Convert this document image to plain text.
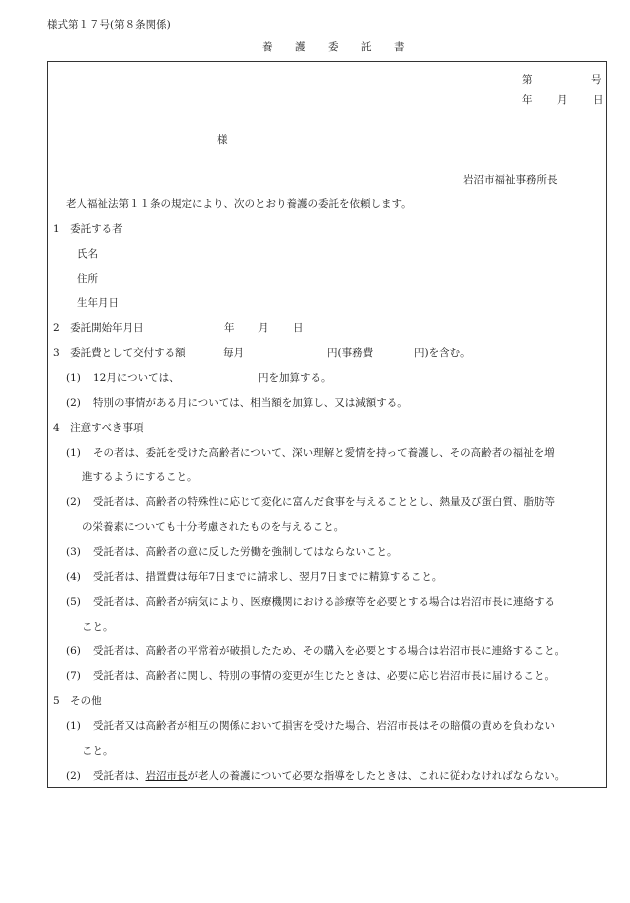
様式第１７号(第８条関係)
養　護　委　託　書
第	号
年 月 日
様
岩沼市福祉事務所長
老人福祉法第１１条の規定により、次のとおり養護の委託を依頼します。
1　委託する者
氏名
住所
生年月日
2　委託開始年月日	年 月 日
3　委託費として交付する額	毎月	円(事務費	円)を含む。
(1) 12月については、	円を加算する。
(2) 特別の事情がある月については、相当額を加算し、又は減額する。
4　注意すべき事項
(1) その者は、委託を受けた高齢者について、深い理解と愛情を持って養護し、その高齢者の福祉を増
進するようにすること。
(2) 受託者は、高齢者の特殊性に応じて変化に富んだ食事を与えることとし、熱量及び蛋白質、脂肪等
の栄養素についても十分考慮されたものを与えること。
(3) 受託者は、高齢者の意に反した労働を強制してはならないこと。
(4) 受託者は、措置費は毎年7日までに請求し、翌月7日までに精算すること。
(5) 受託者は、高齢者が病気により、医療機関における診療等を必要とする場合は岩沼市長に連絡する
こと。
(6) 受託者は、高齢者の平常着が破損したため、その購入を必要とする場合は岩沼市長に連絡すること。
(7) 受託者は、高齢者に関し、特別の事情の変更が生じたときは、必要に応じ岩沼市長に届けること。
5　その他
(1) 受託者又は高齢者が相互の関係において損害を受けた場合、岩沼市長はその賠償の責めを負わない
こと。
(2) 受託者は、岩沼市長が老人の養護について必要な指導をしたときは、これに従わなければならない。
